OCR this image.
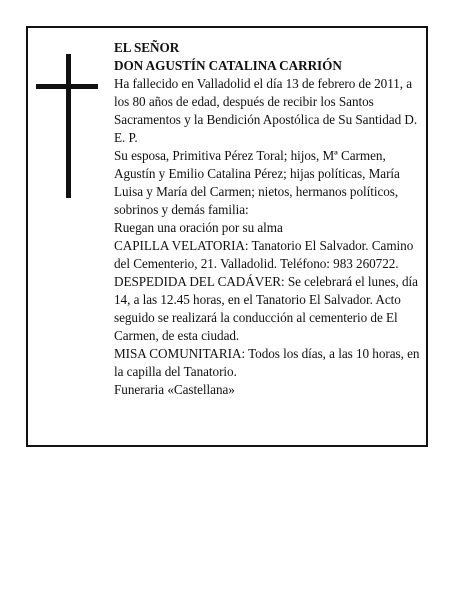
EL SEÑOR

DON AGUSTÍN CATALINA CARRIÓN

Ha fallecido en Valladolid el día 13 de febrero de 2011, a los 80 años de edad, después de recibir los Santos Sacramentos y la Bendición Apostólica de Su Santidad D. E. P.

Su esposa, Primitiva Pérez Toral; hijos, Mª Carmen, Agustín y Emilio Catalina Pérez; hijas políticas, María Luisa y María del Carmen; nietos, hermanos políticos, sobrinos y demás familia:

Ruegan una oración por su alma

CAPILLA VELATORIA: Tanatorio El Salvador. Camino del Cementerio, 21. Valladolid. Teléfono: 983 260722.

DESPEDIDA DEL CADÁVER: Se celebrará el lunes, día 14, a las 12.45 horas, en el Tanatorio El Salvador. Acto seguido se realizará la conducción al cementerio de El Carmen, de esta ciudad.

MISA COMUNITARIA: Todos los días, a las 10 horas, en la capilla del Tanatorio.

Funeraria «Castellana»
